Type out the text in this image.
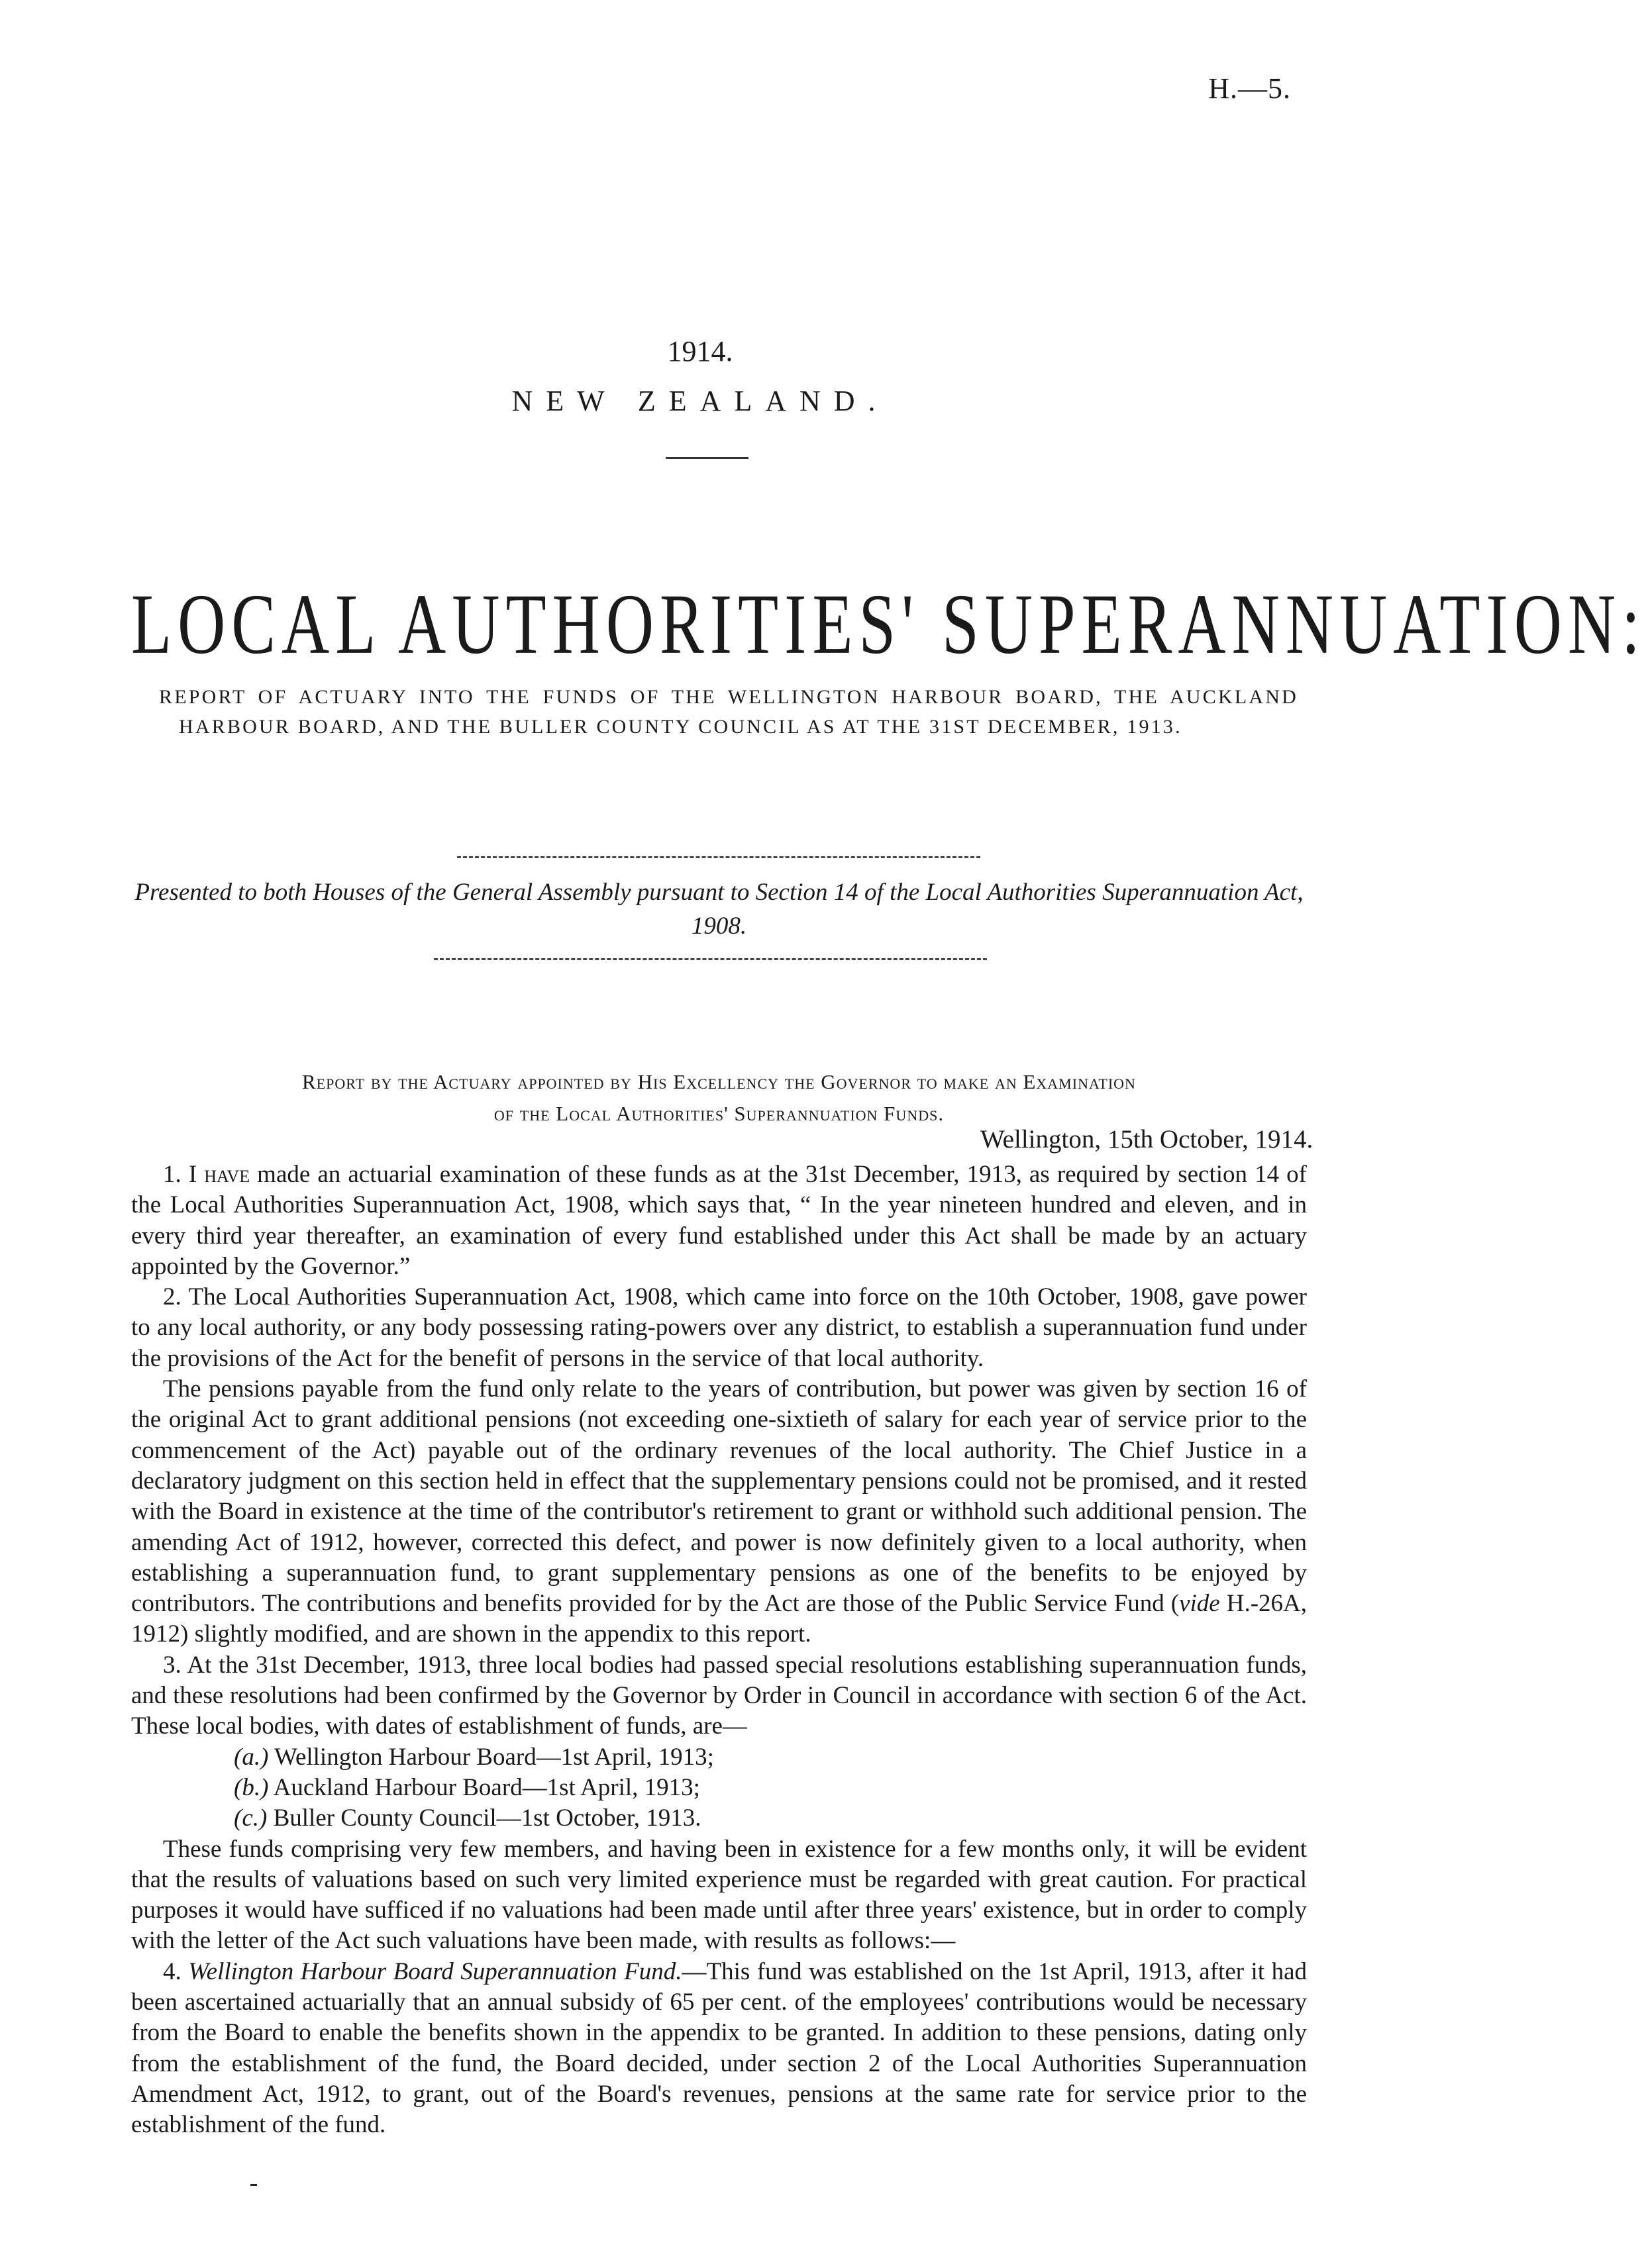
H.—5.
1914.
NEW ZEALAND.
LOCAL AUTHORITIES' SUPERANNUATION:
REPORT OF ACTUARY INTO THE FUNDS OF THE WELLINGTON HARBOUR BOARD, THE AUCKLAND HARBOUR BOARD, AND THE BULLER COUNTY COUNCIL AS AT THE 31ST DECEMBER, 1913.
Presented to both Houses of the General Assembly pursuant to Section 14 of the Local Authorities Superannuation Act, 1908.
Report by the Actuary appointed by His Excellency the Governor to make an Examination
of the Local Authorities' Superannuation Funds.
Wellington, 15th October, 1914.

1. I have made an actuarial examination of these funds as at the 31st December, 1913, as required by section 14 of the Local Authorities Superannuation Act, 1908, which says that, “ In the year nineteen hundred and eleven, and in every third year thereafter, an examination of every fund established under this Act shall be made by an actuary appointed by the Governor.”

2. The Local Authorities Superannuation Act, 1908, which came into force on the 10th October, 1908, gave power to any local authority, or any body possessing rating-powers over any district, to establish a superannuation fund under the provisions of the Act for the benefit of persons in the service of that local authority.

The pensions payable from the fund only relate to the years of contribution, but power was given by section 16 of the original Act to grant additional pensions (not exceeding one-sixtieth of salary for each year of service prior to the commencement of the Act) payable out of the ordinary revenues of the local authority. The Chief Justice in a declaratory judgment on this section held in effect that the supplementary pensions could not be promised, and it rested with the Board in existence at the time of the contributor's retirement to grant or withhold such additional pension. The amending Act of 1912, however, corrected this defect, and power is now definitely given to a local authority, when establishing a superannuation fund, to grant supplementary pensions as one of the benefits to be enjoyed by contributors. The contributions and benefits provided for by the Act are those of the Public Service Fund (vide H.-26A, 1912) slightly modified, and are shown in the appendix to this report.

3. At the 31st December, 1913, three local bodies had passed special resolutions establishing superannuation funds, and these resolutions had been confirmed by the Governor by Order in Council in accordance with section 6 of the Act. These local bodies, with dates of establishment of funds, are—

(a.) Wellington Harbour Board—1st April, 1913;

(b.) Auckland Harbour Board—1st April, 1913;

(c.) Buller County Council—1st October, 1913.

These funds comprising very few members, and having been in existence for a few months only, it will be evident that the results of valuations based on such very limited experience must be regarded with great caution. For practical purposes it would have sufficed if no valuations had been made until after three years' existence, but in order to comply with the letter of the Act such valuations have been made, with results as follows:—

4. Wellington Harbour Board Superannuation Fund.—This fund was established on the 1st April, 1913, after it had been ascertained actuarially that an annual subsidy of 65 per cent. of the employees' contributions would be necessary from the Board to enable the benefits shown in the appendix to be granted. In addition to these pensions, dating only from the establishment of the fund, the Board decided, under section 2 of the Local Authorities Superannuation Amendment Act, 1912, to grant, out of the Board's revenues, pensions at the same rate for service prior to the establishment of the fund.
